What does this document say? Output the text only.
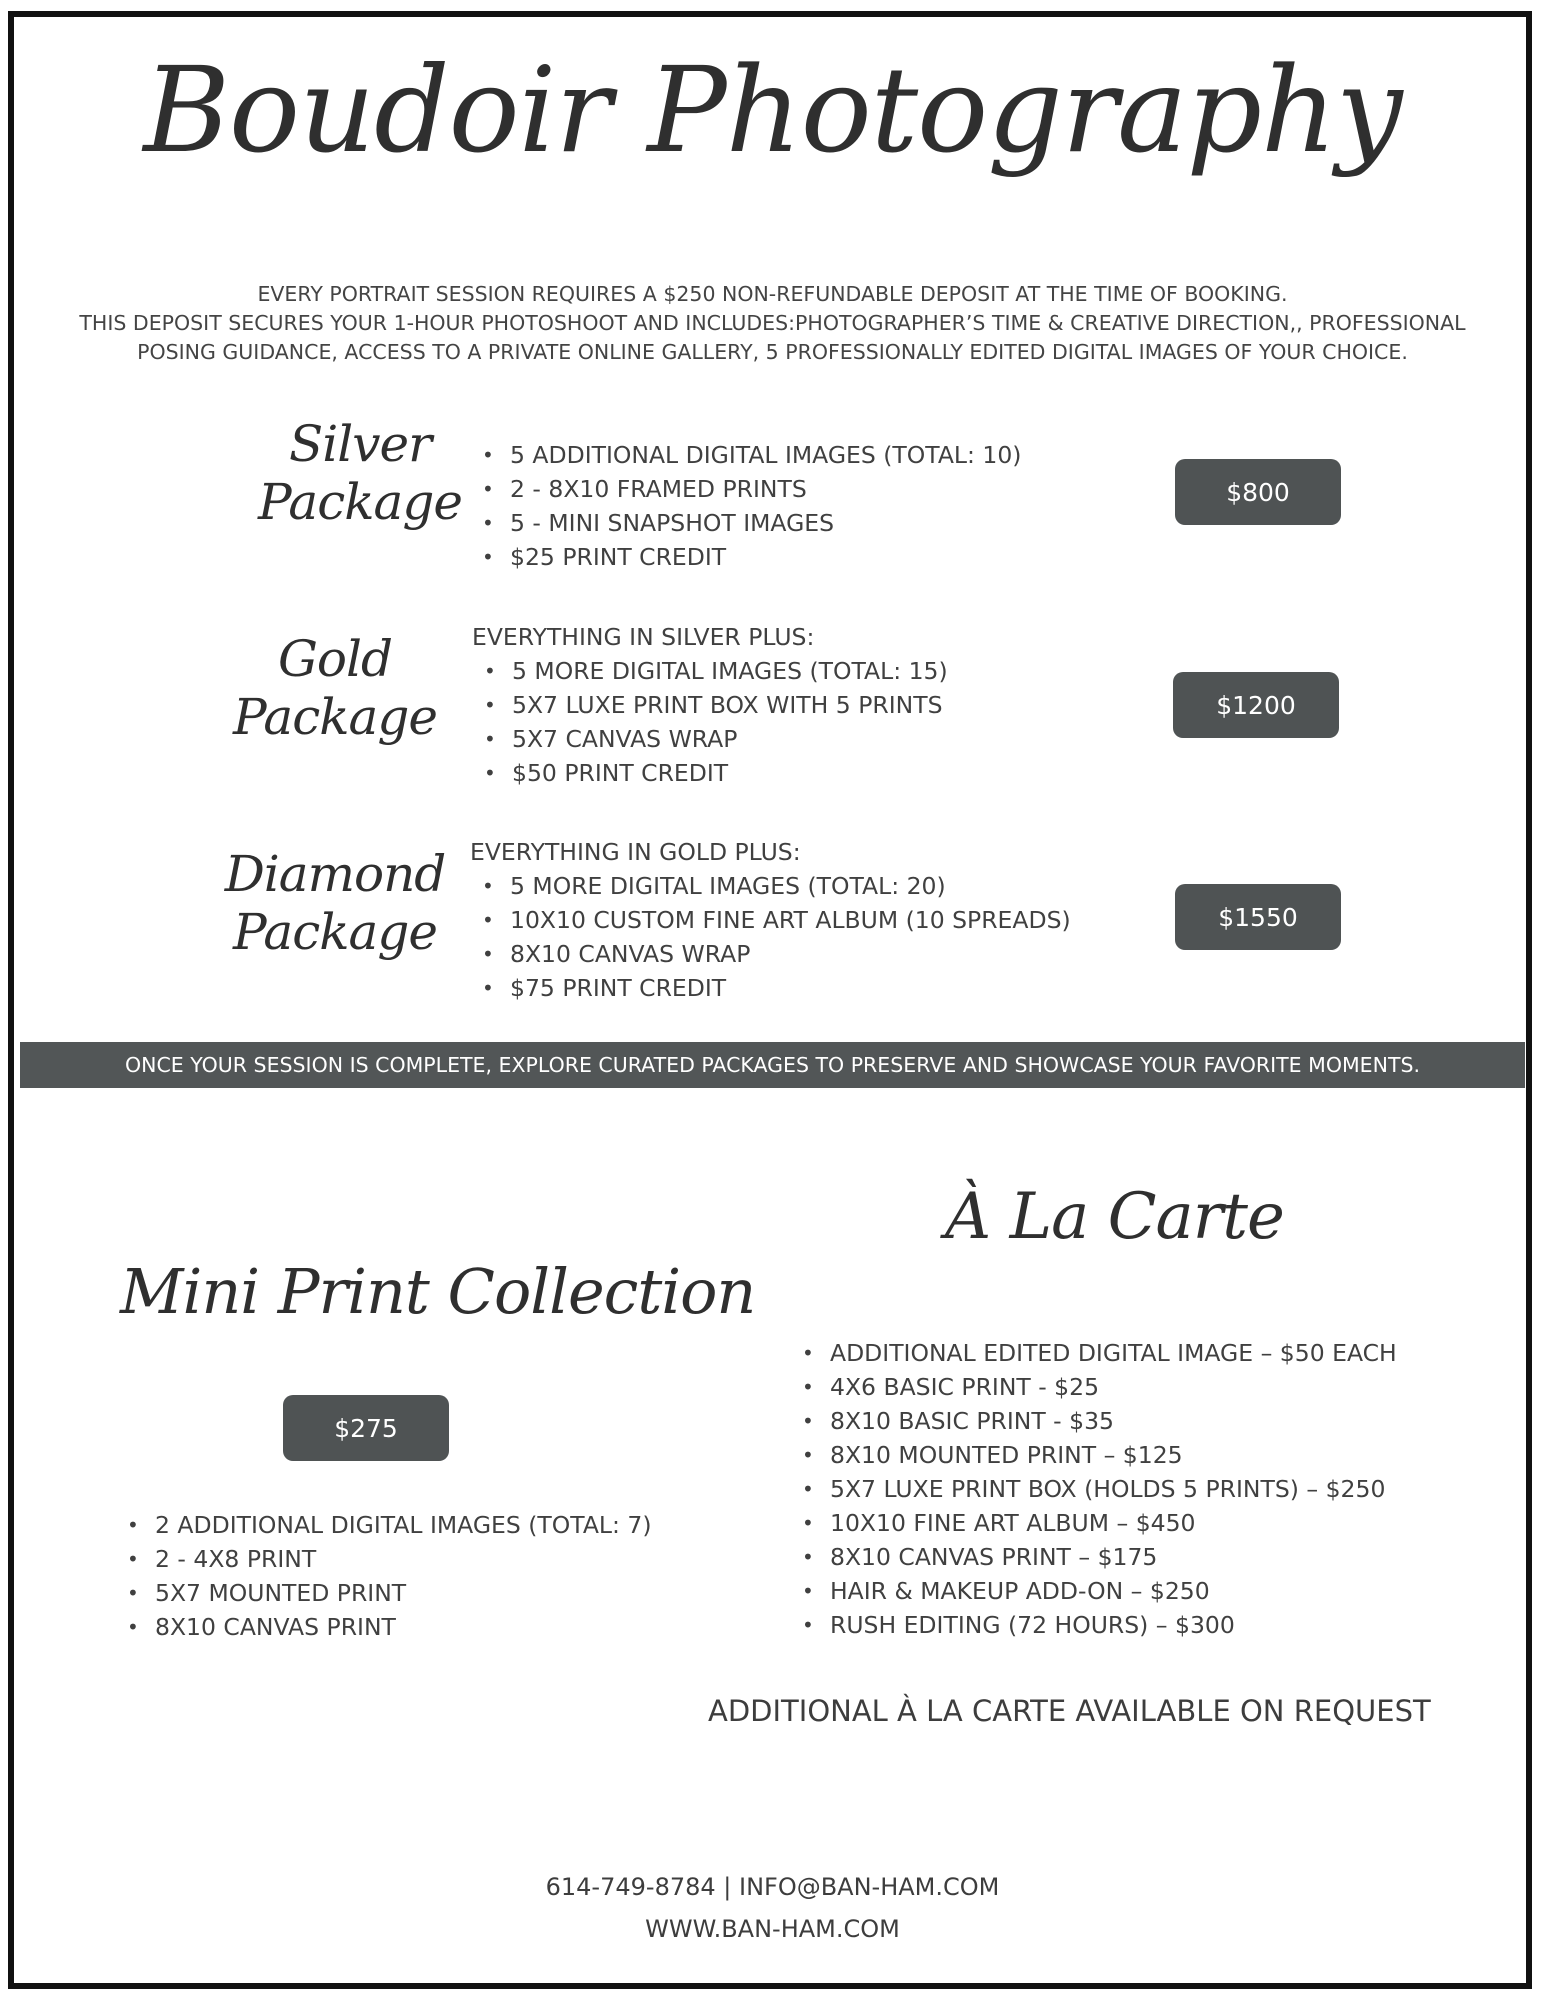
Boudoir Photography
EVERY PORTRAIT SESSION REQUIRES A $250 NON-REFUNDABLE DEPOSIT AT THE TIME OF BOOKING.
THIS DEPOSIT SECURES YOUR 1-HOUR PHOTOSHOOT AND INCLUDES:PHOTOGRAPHER’S TIME & CREATIVE DIRECTION,, PROFESSIONAL
POSING GUIDANCE, ACCESS TO A PRIVATE ONLINE GALLERY, 5 PROFESSIONALLY EDITED DIGITAL IMAGES OF YOUR CHOICE.
Silver
Package
• 5 ADDITIONAL DIGITAL IMAGES (TOTAL: 10)
• 2 - 8X10 FRAMED PRINTS
• 5 - MINI SNAPSHOT IMAGES
• $25 PRINT CREDIT
$800
Gold
Package
EVERYTHING IN SILVER PLUS:
• 5 MORE DIGITAL IMAGES (TOTAL: 15)
• 5X7 LUXE PRINT BOX WITH 5 PRINTS
• 5X7 CANVAS WRAP
• $50 PRINT CREDIT
$1200
Diamond
Package
EVERYTHING IN GOLD PLUS:
• 5 MORE DIGITAL IMAGES (TOTAL: 20)
• 10X10 CUSTOM FINE ART ALBUM (10 SPREADS)
• 8X10 CANVAS WRAP
• $75 PRINT CREDIT
$1550
ONCE YOUR SESSION IS COMPLETE, EXPLORE CURATED PACKAGES TO PRESERVE AND SHOWCASE YOUR FAVORITE MOMENTS.
Mini Print Collection
$275
• 2 ADDITIONAL DIGITAL IMAGES (TOTAL: 7)
• 2 - 4X8 PRINT
• 5X7 MOUNTED PRINT
• 8X10 CANVAS PRINT
À La Carte
• ADDITIONAL EDITED DIGITAL IMAGE – $50 EACH
• 4X6 BASIC PRINT - $25
• 8X10 BASIC PRINT - $35
• 8X10 MOUNTED PRINT – $125
• 5X7 LUXE PRINT BOX (HOLDS 5 PRINTS) – $250
• 10X10 FINE ART ALBUM – $450
• 8X10 CANVAS PRINT – $175
• HAIR & MAKEUP ADD-ON – $250
• RUSH EDITING (72 HOURS) – $300
ADDITIONAL À LA CARTE AVAILABLE ON REQUEST
614-749-8784 | INFO@BAN-HAM.COM
WWW.BAN-HAM.COM
